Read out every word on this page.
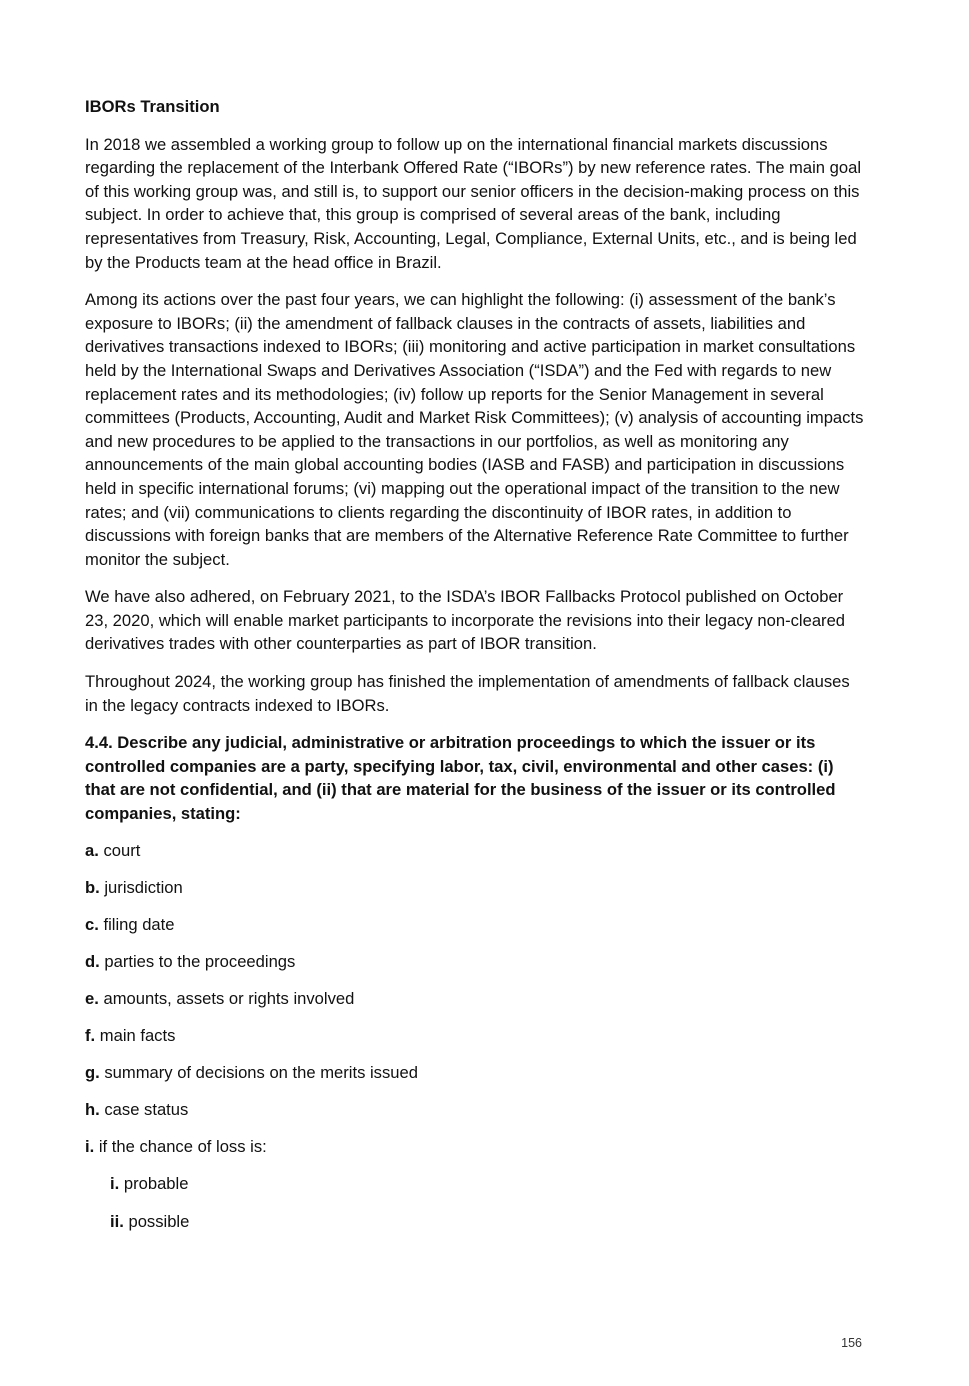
IBORs Transition

In 2018 we assembled a working group to follow up on the international financial markets discussions regarding the replacement of the Interbank Offered Rate (“IBORs”) by new reference rates. The main goal of this working group was, and still is, to support our senior officers in the decision-making process on this subject. In order to achieve that, this group is comprised of several areas of the bank, including representatives from Treasury, Risk, Accounting, Legal, Compliance, External Units, etc., and is being led by the Products team at the head office in Brazil.

Among its actions over the past four years, we can highlight the following: (i) assessment of the bank’s exposure to IBORs; (ii) the amendment of fallback clauses in the contracts of assets, liabilities and derivatives transactions indexed to IBORs; (iii) monitoring and active participation in market consultations held by the International Swaps and Derivatives Association (“ISDA”) and the Fed with regards to new replacement rates and its methodologies; (iv) follow up reports for the Senior Management in several committees (Products, Accounting, Audit and Market Risk Committees); (v) analysis of accounting impacts and new procedures to be applied to the transactions in our portfolios, as well as monitoring any announcements of the main global accounting bodies (IASB and FASB) and participation in discussions held in specific international forums; (vi) mapping out the operational impact of the transition to the new rates; and (vii) communications to clients regarding the discontinuity of IBOR rates, in addition to discussions with foreign banks that are members of the Alternative Reference Rate Committee to further monitor the subject.

We have also adhered, on February 2021, to the ISDA’s IBOR Fallbacks Protocol published on October 23, 2020, which will enable market participants to incorporate the revisions into their legacy non-cleared derivatives trades with other counterparties as part of IBOR transition.

Throughout 2024, the working group has finished the implementation of amendments of fallback clauses in the legacy contracts indexed to IBORs.

4.4. Describe any judicial, administrative or arbitration proceedings to which the issuer or its controlled companies are a party, specifying labor, tax, civil, environmental and other cases: (i) that are not confidential, and (ii) that are material for the business of the issuer or its controlled companies, stating:

a. court
b. jurisdiction
c. filing date
d. parties to the proceedings
e. amounts, assets or rights involved
f. main facts
g. summary of decisions on the merits issued
h. case status
i. if the chance of loss is:
i. probable
ii. possible
156
